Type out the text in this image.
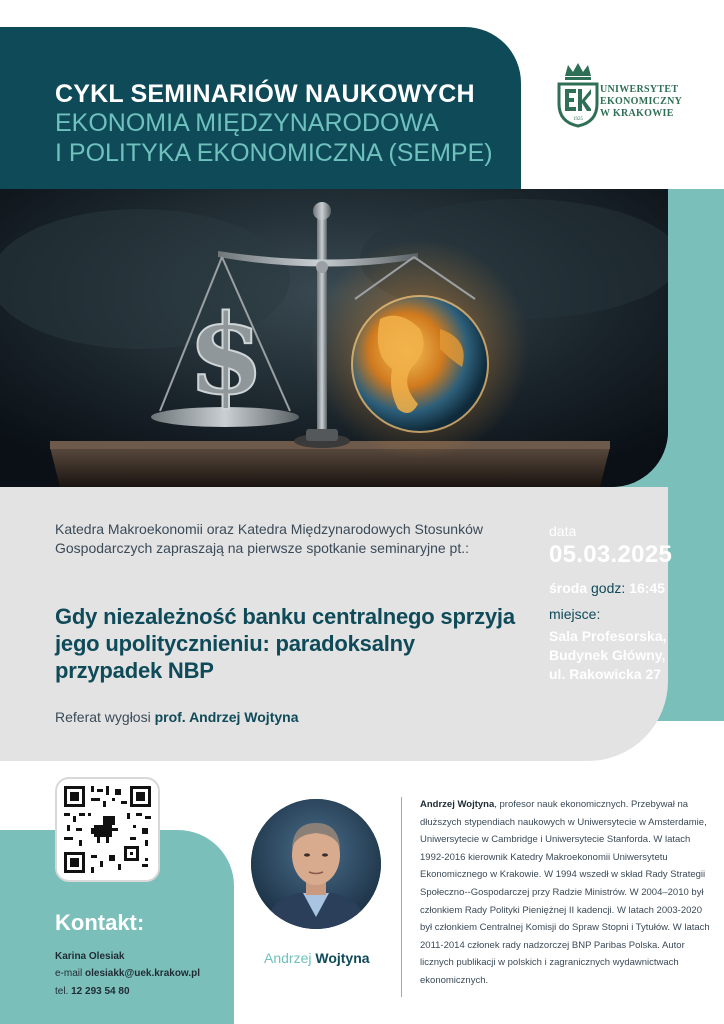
CYKL SEMINARIÓW NAUKOWYCH
EKONOMIA MIĘDZYNARODOWA
I POLITYKA EKONOMICZNA (SEMPE)
1925
UNIWERSYTET
EKONOMICZNY
W KRAKOWIE
$
Katedra Makroekonomii oraz Katedra Międzynarodowych Stosunków Gospodarczych zapraszają na pierwsze spotkanie seminaryjne pt.:
Gdy niezależność banku centralnego sprzyja jego upolitycznieniu: paradoksalny przypadek NBP
Referat wygłosi prof. Andrzej Wojtyna
data
05.03.2025
środa godz: 16:45
miejsce:
Sala Profesorska,
Budynek Główny,
ul. Rakowicka 27
Kontakt:
Karina Olesiak
e-mail olesiakk@uek.krakow.pl
tel. 12 293 54 80
Andrzej Wojtyna
Andrzej Wojtyna, profesor nauk ekonomicznych. Przebywał na dłuższych stypendiach naukowych w Uniwersytecie w Amsterdamie, Uniwersytecie w Cambridge i Uniwersytecie Stanforda. W latach 1992-2016 kierownik Katedry Makroekonomii Uniwersytetu Ekonomicznego w Krakowie. W 1994 wszedł w skład Rady Strategii Społeczno--Gospodarczej przy Radzie Ministrów. W 2004–2010 był członkiem Rady Polityki Pieniężnej II kadencji. W latach 2003-2020 był członkiem Centralnej Komisji do Spraw Stopni i Tytułów. W latach 2011-2014 członek rady nadzorczej BNP Paribas Polska. Autor licznych publikacji w polskich i zagranicznych wydawnictwach ekonomicznych.
